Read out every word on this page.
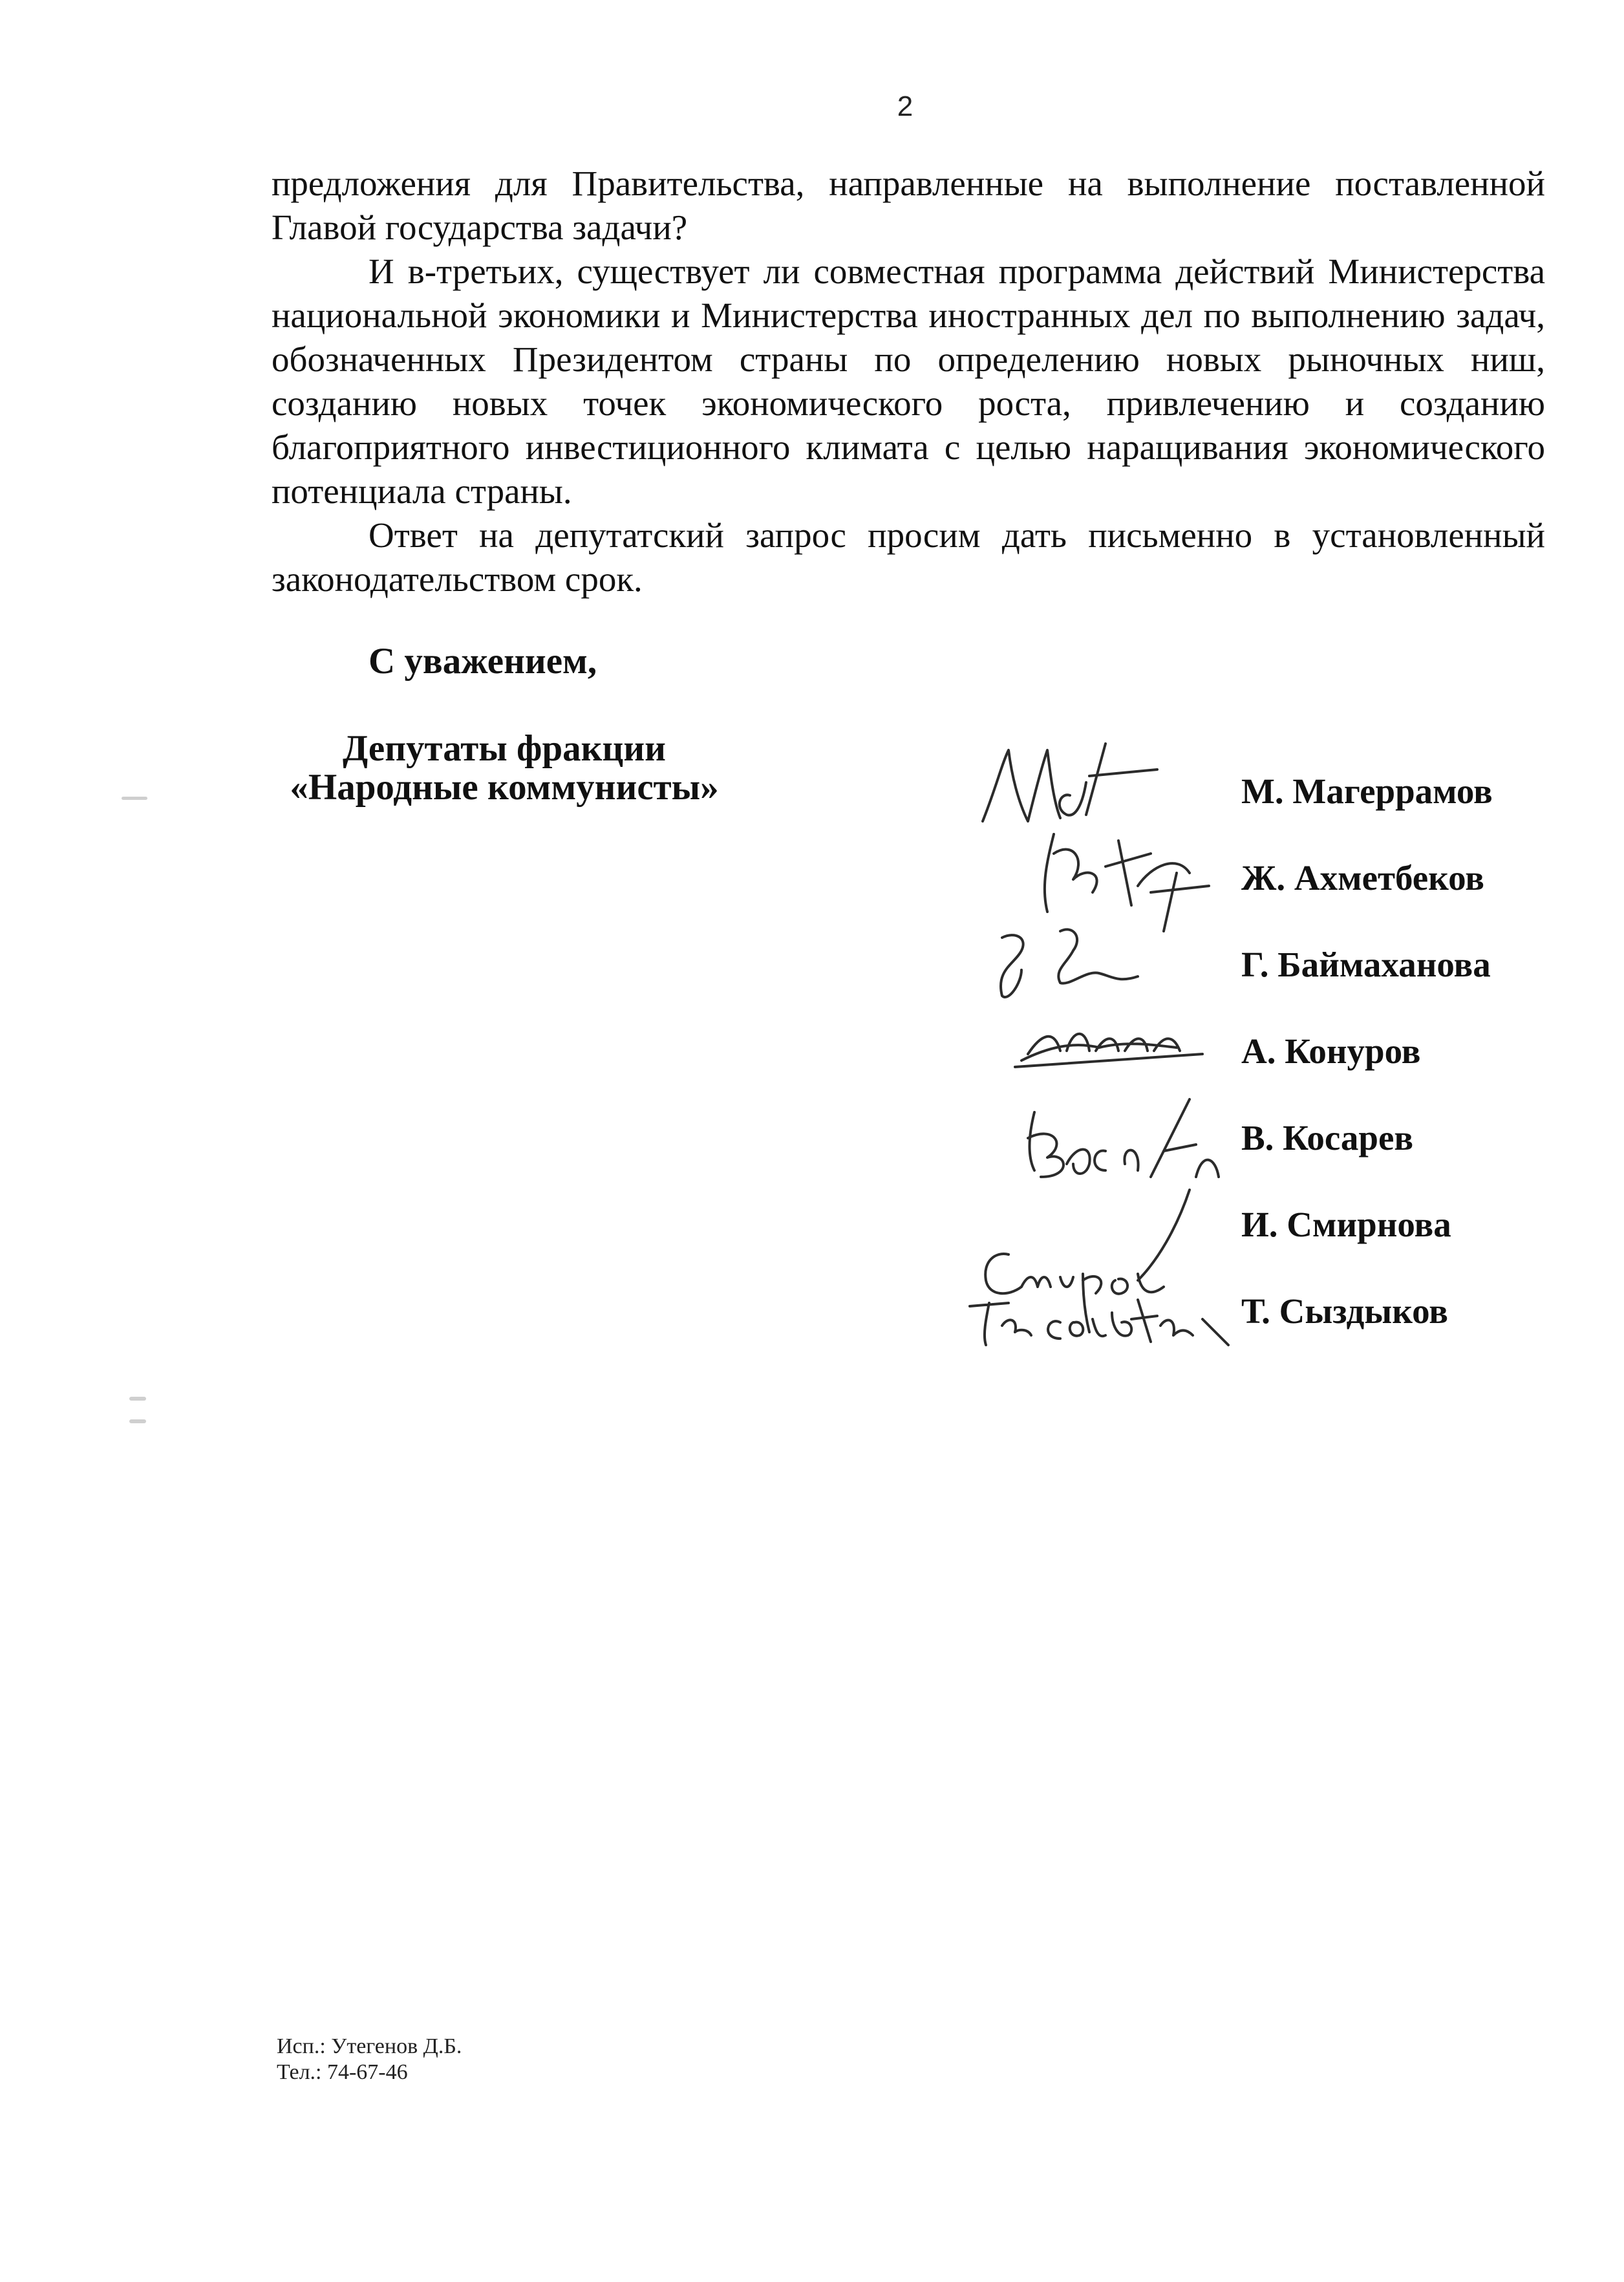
2

предложения для Правительства, направленные на выполнение поставленной Главой государства задачи?

И в-третьих, существует ли совместная программа действий Министерства национальной экономики и Министерства иностранных дел по выполнению задач, обозначенных Президентом страны по определению новых рыночных ниш, созданию новых точек экономического роста, привлечению и созданию благоприятного инвестиционного климата с целью наращивания экономического потенциала страны.

Ответ на депутатский запрос просим дать письменно в установленный законодательством срок.

С уважением,
Депутаты фракции
«Народные коммунисты»	М. Магеррамов
Ж. Ахметбеков
Г. Баймаханова
А. Конуров
В. Косарев
И. Смирнова
Т. Сыздыков
Исп.: Утегенов Д.Б.
Тел.: 74-67-46
